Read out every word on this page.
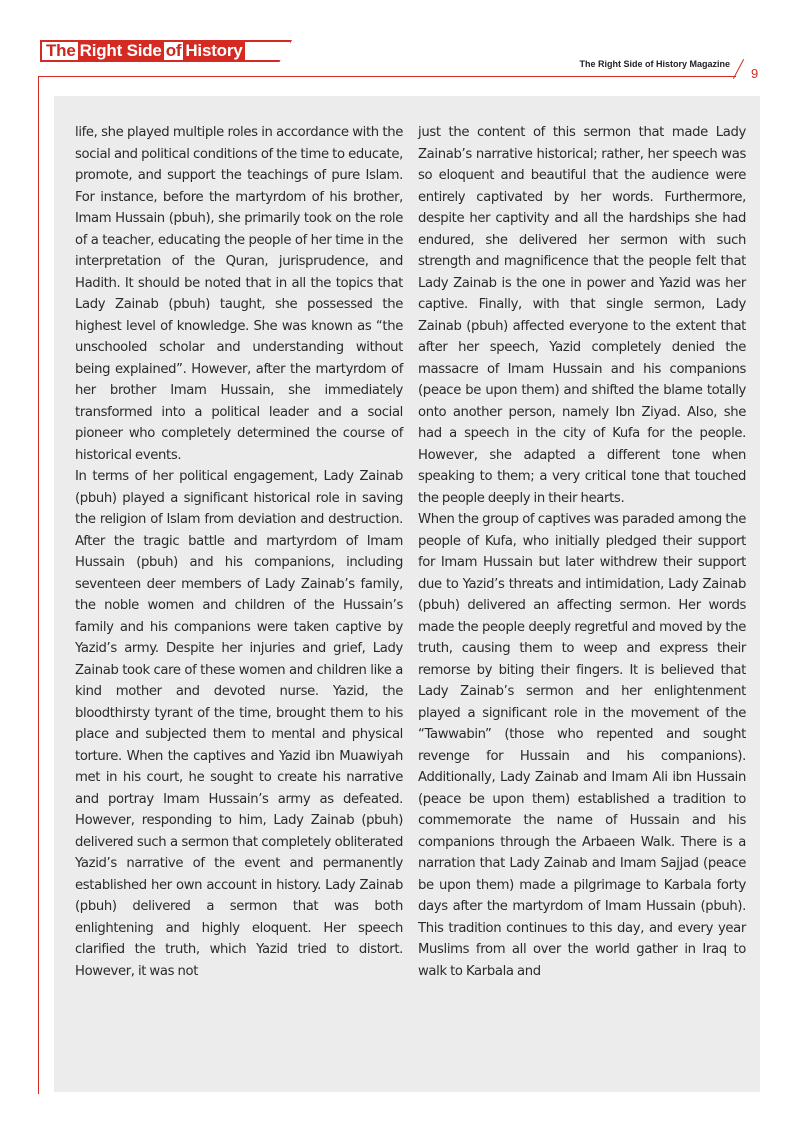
The Right Side of History
The Right Side of History Magazine
9

life, she played multiple roles in accordance with the social and political conditions of the time to educate, promote, and support the teachings of pure Islam. For instance, before the martyrdom of his brother, Imam Hussain (pbuh), she primarily took on the role of a teacher, educating the people of her time in the interpretation of the Quran, jurisprudence, and Hadith. It should be noted that in all the topics that Lady Zainab (pbuh) taught, she possessed the highest level of knowledge. She was known as “the unschooled scholar and understanding without being explained”. However, after the martyrdom of her brother Imam Hussain, she immediately transformed into a political leader and a social pioneer who completely determined the course of historical events.

In terms of her political engagement, Lady Zainab (pbuh) played a significant historical role in saving the religion of Islam from deviation and destruction. After the tragic battle and martyrdom of Imam Hussain (pbuh) and his companions, including seventeen deer members of Lady Zainab’s family, the noble women and children of the Hussain’s family and his companions were taken captive by Yazid’s army. Despite her injuries and grief, Lady Zainab took care of these women and children like a kind mother and devoted nurse. Yazid, the bloodthirsty tyrant of the time, brought them to his place and subjected them to mental and physical torture. When the captives and Yazid ibn Muawiyah met in his court, he sought to create his narrative and portray Imam Hussain’s army as defeated. However, responding to him, Lady Zainab (pbuh) delivered such a sermon that completely obliterated Yazid’s narrative of the event and permanently established her own account in history. Lady Zainab (pbuh) delivered a sermon that was both enlightening and highly eloquent. Her speech clarified the truth, which Yazid tried to distort. However, it was not

just the content of this sermon that made Lady Zainab’s narrative historical; rather, her speech was so eloquent and beautiful that the audience were entirely captivated by her words. Furthermore, despite her captivity and all the hardships she had endured, she delivered her sermon with such strength and magnificence that the people felt that Lady Zainab is the one in power and Yazid was her captive. Finally, with that single sermon, Lady Zainab (pbuh) affected everyone to the extent that after her speech, Yazid completely denied the massacre of Imam Hussain and his companions (peace be upon them) and shifted the blame totally onto another person, namely Ibn Ziyad. Also, she had a speech in the city of Kufa for the people. However, she adapted a different tone when speaking to them; a very critical tone that touched the people deeply in their hearts.

When the group of captives was paraded among the people of Kufa, who initially pledged their support for Imam Hussain but later withdrew their support due to Yazid’s threats and intimidation, Lady Zainab (pbuh) delivered an affecting sermon. Her words made the people deeply regretful and moved by the truth, causing them to weep and express their remorse by biting their fingers. It is believed that Lady Zainab’s sermon and her enlightenment played a significant role in the movement of the “Tawwabin” (those who repented and sought revenge for Hussain and his companions). Additionally, Lady Zainab and Imam Ali ibn Hussain (peace be upon them) established a tradition to commemorate the name of Hussain and his companions through the Arbaeen Walk. There is a narration that Lady Zainab and Imam Sajjad (peace be upon them) made a pilgrimage to Karbala forty days after the martyrdom of Imam Hussain (pbuh). This tradition continues to this day, and every year Muslims from all over the world gather in Iraq to walk to Karbala and
